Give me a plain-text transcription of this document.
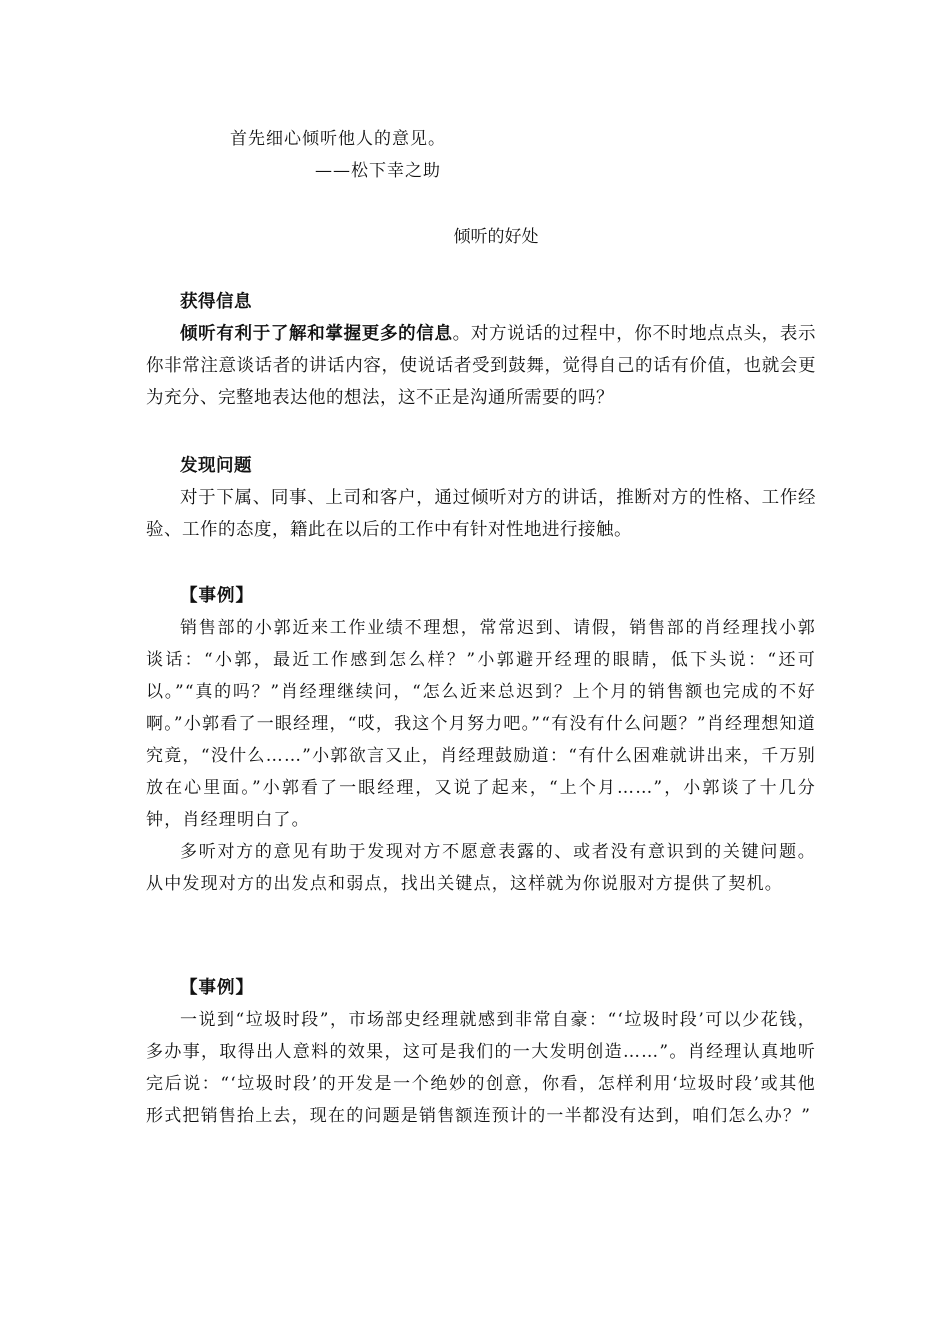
首先细心倾听他人的意见。
——松下幸之助
倾听的好处

获得信息

倾听有利于了解和掌握更多的信息。对方说话的过程中，你不时地点点头，表示你非常注意谈话者的讲话内容，使说话者受到鼓舞，觉得自己的话有价值，也就会更为充分、完整地表达他的想法，这不正是沟通所需要的吗？

发现问题

对于下属、同事、上司和客户，通过倾听对方的讲话，推断对方的性格、工作经验、工作的态度，籍此在以后的工作中有针对性地进行接触。

【事例】

销售部的小郭近来工作业绩不理想，常常迟到、请假，销售部的肖经理找小郭谈话：“小郭，最近工作感到怎么样？”小郭避开经理的眼睛，低下头说：“还可以。”“真的吗？”肖经理继续问，“怎么近来总迟到？上个月的销售额也完成的不好啊。”小郭看了一眼经理，“哎，我这个月努力吧。”“有没有什么问题？”肖经理想知道究竟，“没什么……”小郭欲言又止，肖经理鼓励道：“有什么困难就讲出来，千万别放在心里面。”小郭看了一眼经理，又说了起来，“上个月……”，小郭谈了十几分钟，肖经理明白了。

多听对方的意见有助于发现对方不愿意表露的、或者没有意识到的关键问题。从中发现对方的出发点和弱点，找出关键点，这样就为你说服对方提供了契机。

【事例】

一说到“垃圾时段”，市场部史经理就感到非常自豪：“‘垃圾时段’可以少花钱，多办事，取得出人意料的效果，这可是我们的一大发明创造……”。肖经理认真地听完后说：“‘垃圾时段’的开发是一个绝妙的创意，你看，怎样利用‘垃圾时段’或其他形式把销售抬上去，现在的问题是销售额连预计的一半都没有达到，咱们怎么办？”
